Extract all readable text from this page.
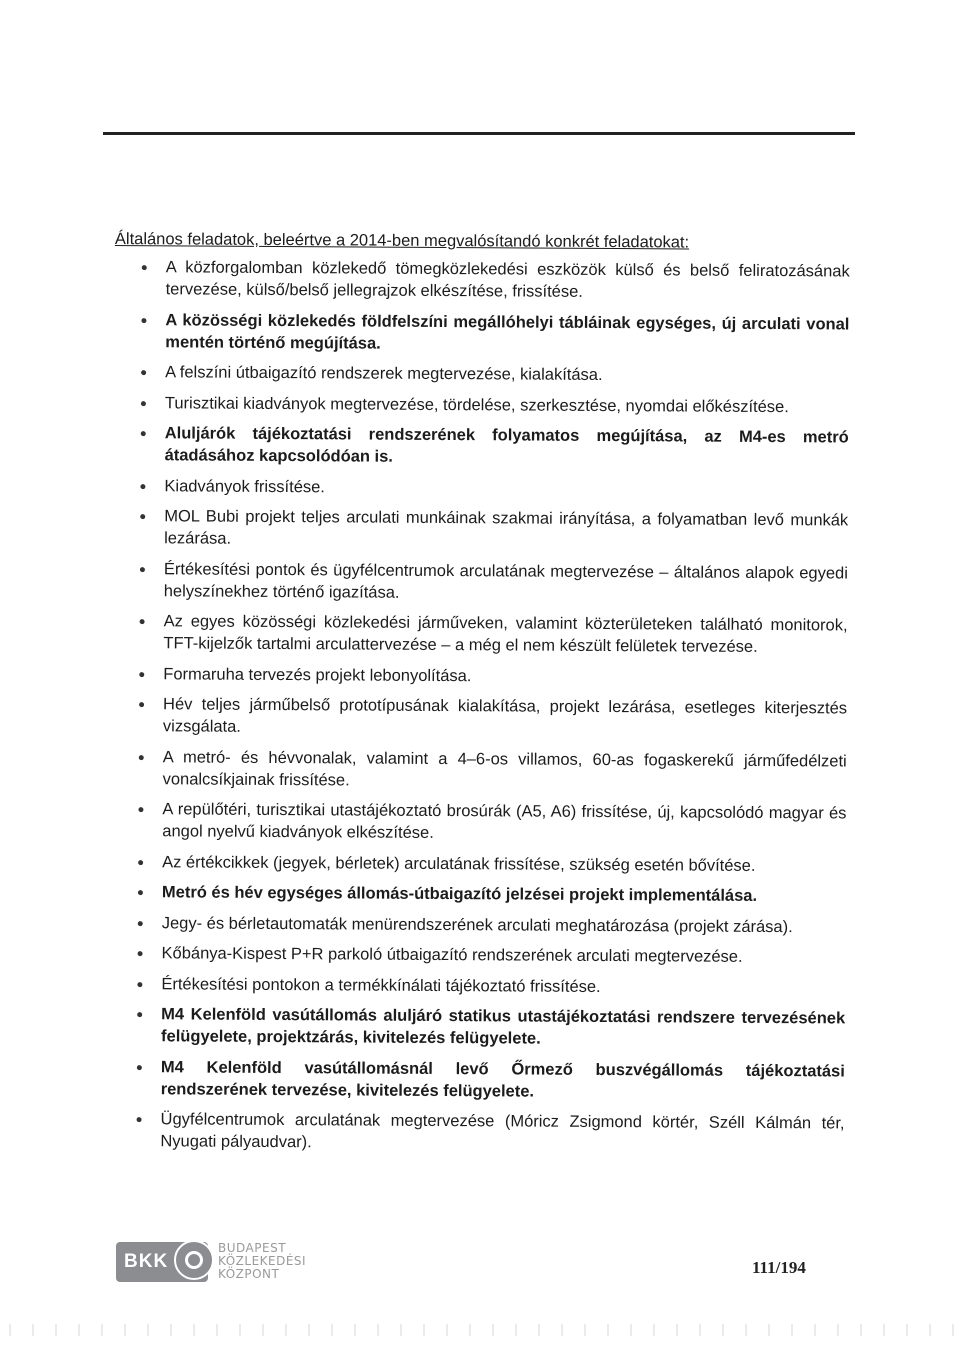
Általános feladatok, beleértve a 2014-ben megvalósítandó konkrét feladatokat:

A közforgalomban közlekedő tömegközlekedési eszközök külső és belső feliratozásának tervezése, külső/belső jellegrajzok elkészítése, frissítése.
A közösségi közlekedés földfelszíni megállóhelyi tábláinak egységes, új arculati vonal mentén történő megújítása.
A felszíni útbaigazító rendszerek megtervezése, kialakítása.
Turisztikai kiadványok megtervezése, tördelése, szerkesztése, nyomdai előkészítése.
Aluljárók tájékoztatási rendszerének folyamatos megújítása, az M4-es metró átadásához kapcsolódóan is.
Kiadványok frissítése.
MOL Bubi projekt teljes arculati munkáinak szakmai irányítása, a folyamatban levő munkák lezárása.
Értékesítési pontok és ügyfélcentrumok arculatának megtervezése – általános alapok egyedi helyszínekhez történő igazítása.
Az egyes közösségi közlekedési járműveken, valamint közterületeken található monitorok, TFT-kijelzők tartalmi arculattervezése – a még el nem készült felületek tervezése.
Formaruha tervezés projekt lebonyolítása.
Hév teljes járműbelső prototípusának kialakítása, projekt lezárása, esetleges kiterjesztés vizsgálata.
A metró- és hévvonalak, valamint a 4–6-os villamos, 60-as fogaskerekű járműfedélzeti vonalcsíkjainak frissítése.
A repülőtéri, turisztikai utastájékoztató brosúrák (A5, A6) frissítése, új, kapcsolódó magyar és angol nyelvű kiadványok elkészítése.
Az értékcikkek (jegyek, bérletek) arculatának frissítése, szükség esetén bővítése.
Metró és hév egységes állomás-útbaigazító jelzései projekt implementálása.
Jegy- és bérletautomaták menürendszerének arculati meghatározása (projekt zárása).
Kőbánya-Kispest P+R parkoló útbaigazító rendszerének arculati megtervezése.
Értékesítési pontokon a termékkínálati tájékoztató frissítése.
M4 Kelenföld vasútállomás aluljáró statikus utastájékoztatási rendszere tervezésének felügyelete, projektzárás, kivitelezés felügyelete.
M4 Kelenföld vasútállomásnál levő Őrmező buszvégállomás tájékoztatási rendszerének tervezése, kivitelezés felügyelete.
Ügyfélcentrumok arculatának megtervezése (Móricz Zsigmond körtér, Széll Kálmán tér, Nyugati pályaudvar).
BKK
BUDAPEST
KÖZLEKEDÉSI
KÖZPONT	111/194
